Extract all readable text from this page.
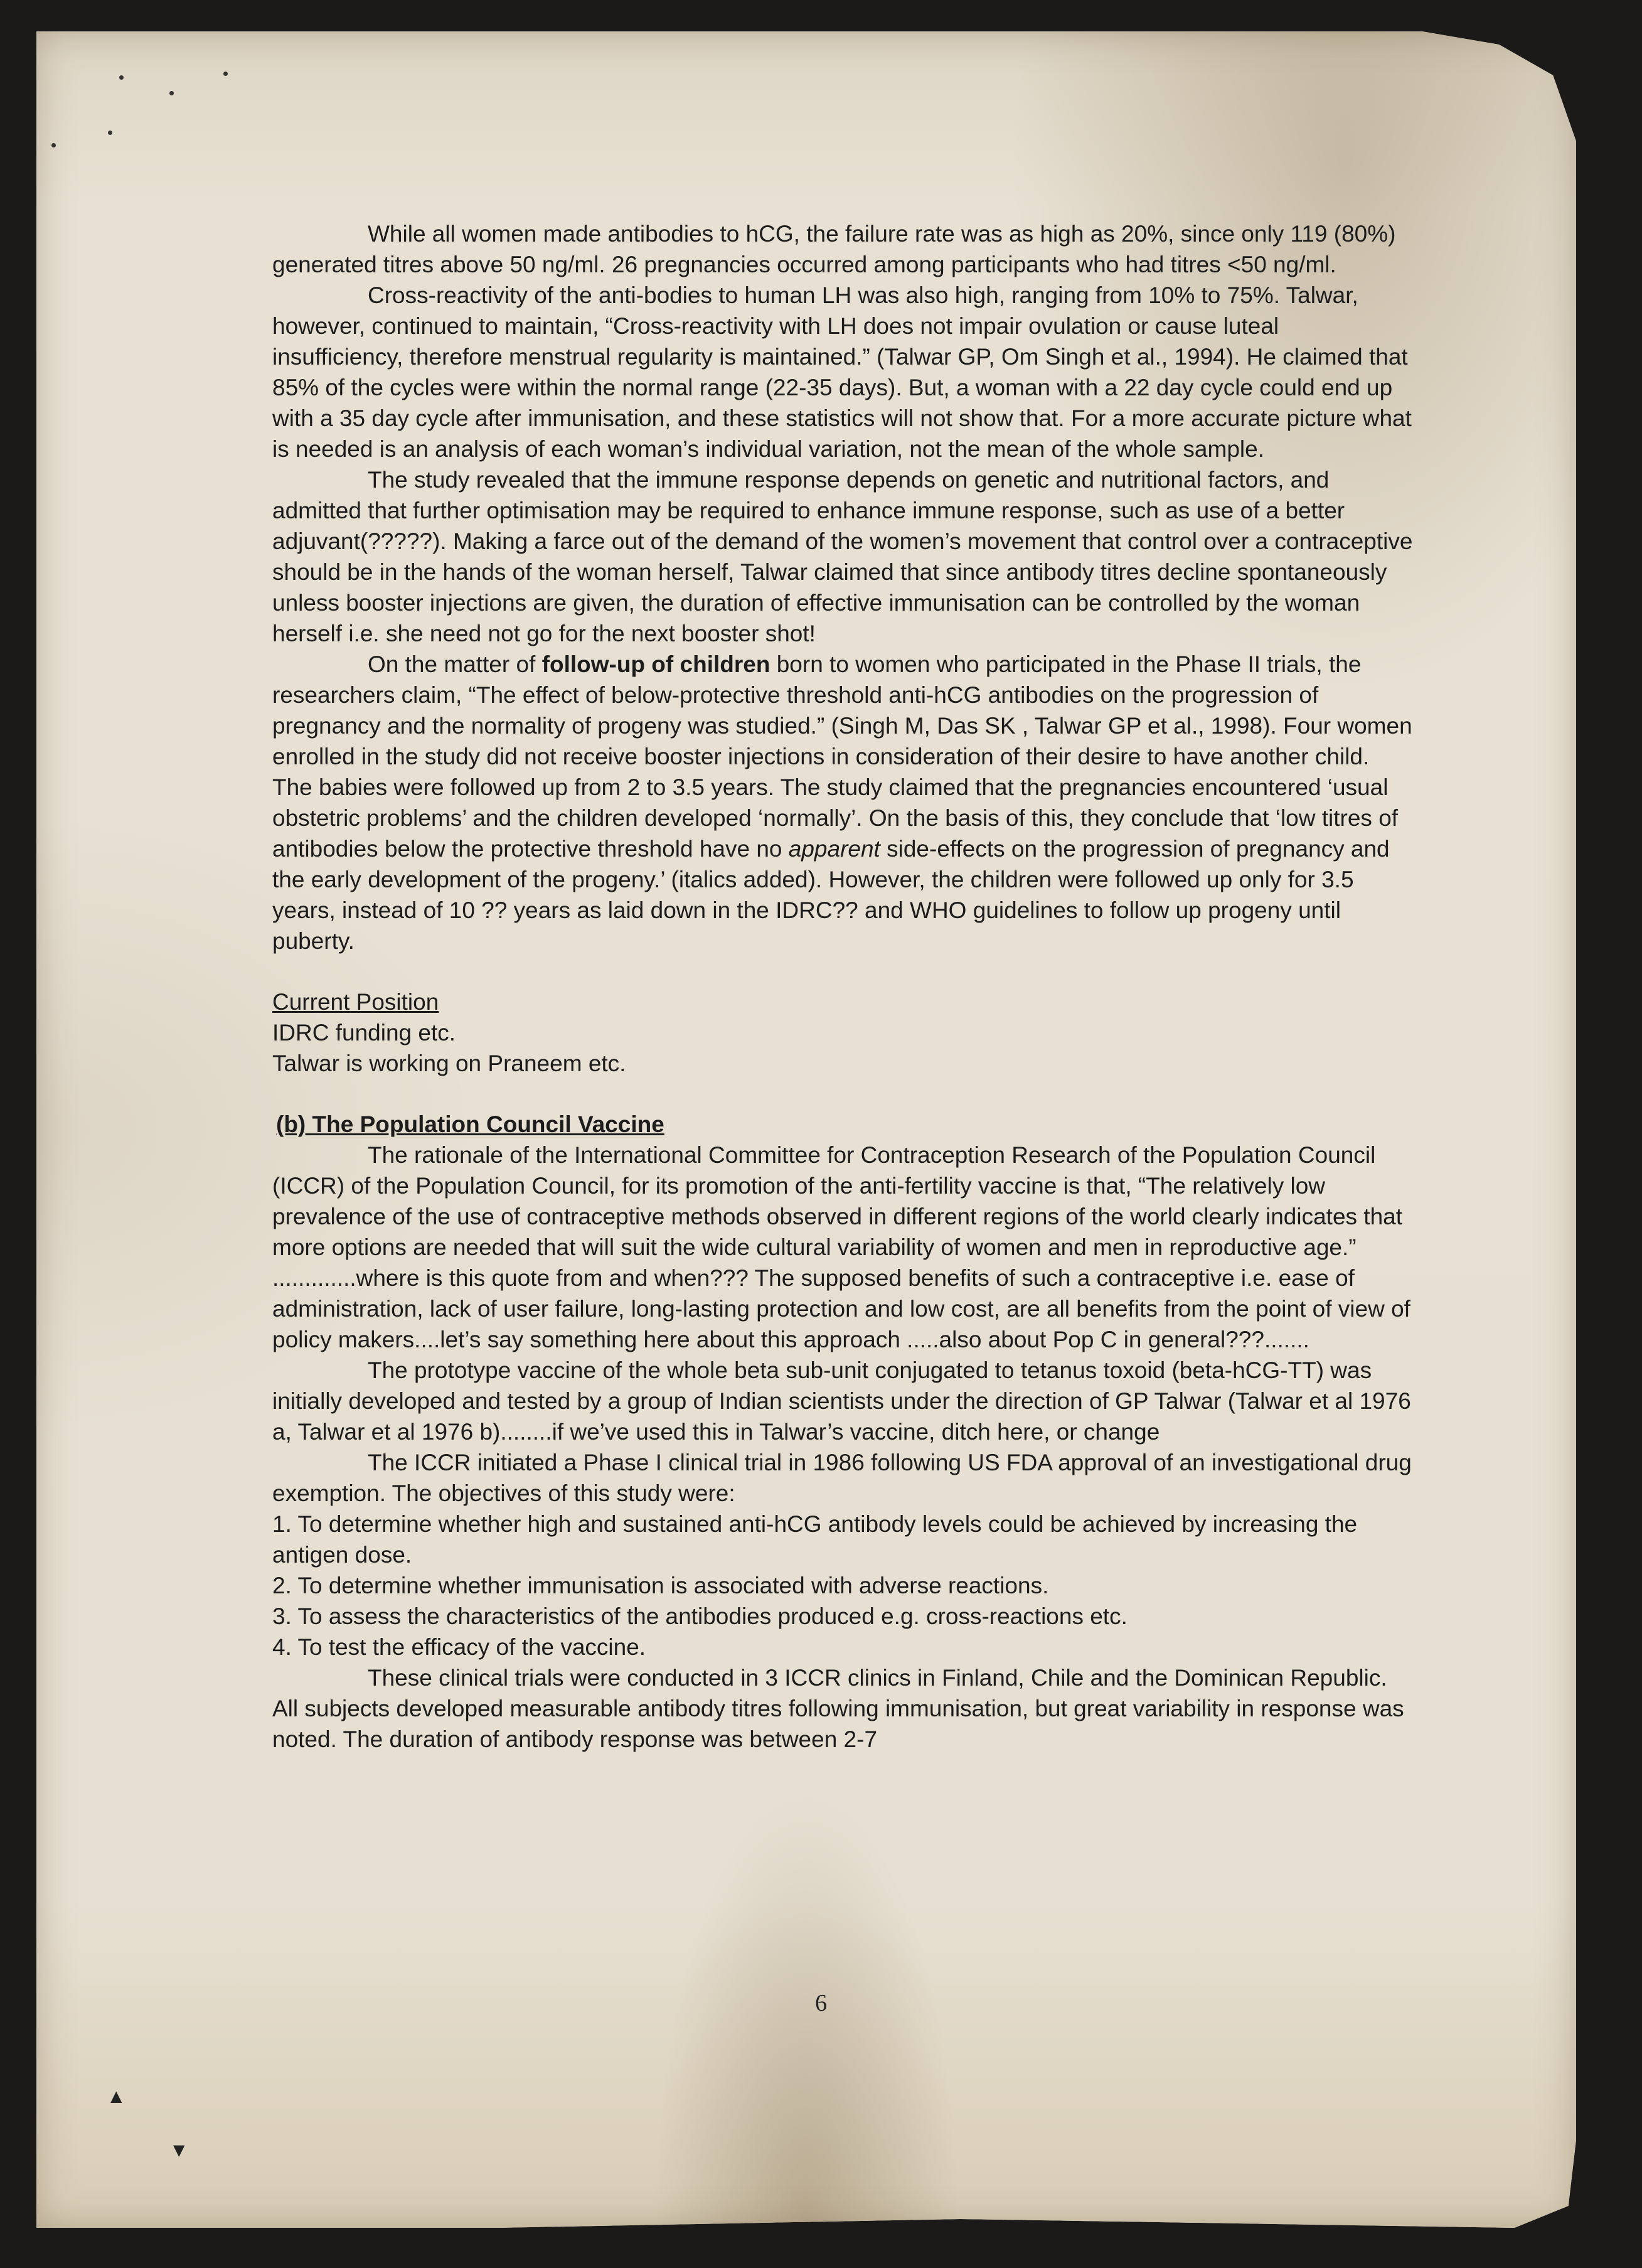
▲
▼

While all women made antibodies to hCG, the failure rate was as high as 20%, since only 119 (80%) generated titres above 50 ng/ml. 26 pregnancies occurred among participants who had titres <50 ng/ml.

Cross-reactivity of the anti-bodies to human LH was also high, ranging from 10% to 75%. Talwar, however, continued to maintain, “Cross-reactivity with LH does not impair ovulation or cause luteal insufficiency, therefore menstrual regularity is maintained.” (Talwar GP, Om Singh et al., 1994). He claimed that 85% of the cycles were within the normal range (22-35 days). But, a woman with a 22 day cycle could end up with a 35 day cycle after immunisation, and these statistics will not show that. For a more accurate picture what is needed is an analysis of each woman’s individual variation, not the mean of the whole sample.

The study revealed that the immune response depends on genetic and nutritional factors, and admitted that further optimisation may be required to enhance immune response, such as use of a better adjuvant(?????). Making a farce out of the demand of the women’s movement that control over a contraceptive should be in the hands of the woman herself, Talwar claimed that since antibody titres decline spontaneously unless booster injections are given, the duration of effective immunisation can be controlled by the woman herself i.e. she need not go for the next booster shot!

On the matter of follow-up of children born to women who participated in the Phase II trials, the researchers claim, “The effect of below-protective threshold anti-hCG antibodies on the progression of pregnancy and the normality of progeny was studied.” (Singh M, Das SK , Talwar GP et al., 1998). Four women enrolled in the study did not receive booster injections in consideration of their desire to have another child. The babies were followed up from 2 to 3.5 years. The study claimed that the pregnancies encountered ‘usual obstetric problems’ and the children developed ‘normally’. On the basis of this, they conclude that ‘low titres of antibodies below the protective threshold have no apparent side-effects on the progression of pregnancy and the early development of the progeny.’ (italics added). However, the children were followed up only for 3.5 years, instead of 10 ?? years as laid down in the IDRC?? and WHO guidelines to follow up progeny until puberty.

Current Position
IDRC funding etc.
Talwar is working on Praneem etc.
(b) The Population Council Vaccine

The rationale of the International Committee for Contraception Research of the Population Council (ICCR) of the Population Council, for its promotion of the anti-fertility vaccine is that, “The relatively low prevalence of the use of contraceptive methods observed in different regions of the world clearly indicates that more options are needed that will suit the wide cultural variability of women and men in reproductive age.” .............where is this quote from and when??? The supposed benefits of such a contraceptive i.e. ease of administration, lack of user failure, long-lasting protection and low cost, are all benefits from the point of view of policy makers....let’s say something here about this approach .....also about Pop C in general???.......

The prototype vaccine of the whole beta sub-unit conjugated to tetanus toxoid (beta-hCG-TT) was initially developed and tested by a group of Indian scientists under the direction of GP Talwar (Talwar et al 1976 a, Talwar et al 1976 b)........if we’ve used this in Talwar’s vaccine, ditch here, or change

The ICCR initiated a Phase I clinical trial in 1986 following US FDA approval of an investigational drug exemption. The objectives of this study were:

1. To determine whether high and sustained anti-hCG antibody levels could be achieved by increasing the antigen dose.
2. To determine whether immunisation is associated with adverse reactions.
3. To assess the characteristics of the antibodies produced e.g. cross-reactions etc.
4. To test the efficacy of the vaccine.

These clinical trials were conducted in 3 ICCR clinics in Finland, Chile and the Dominican Republic. All subjects developed measurable antibody titres following immunisation, but great variability in response was noted. The duration of antibody response was between 2-7

6
